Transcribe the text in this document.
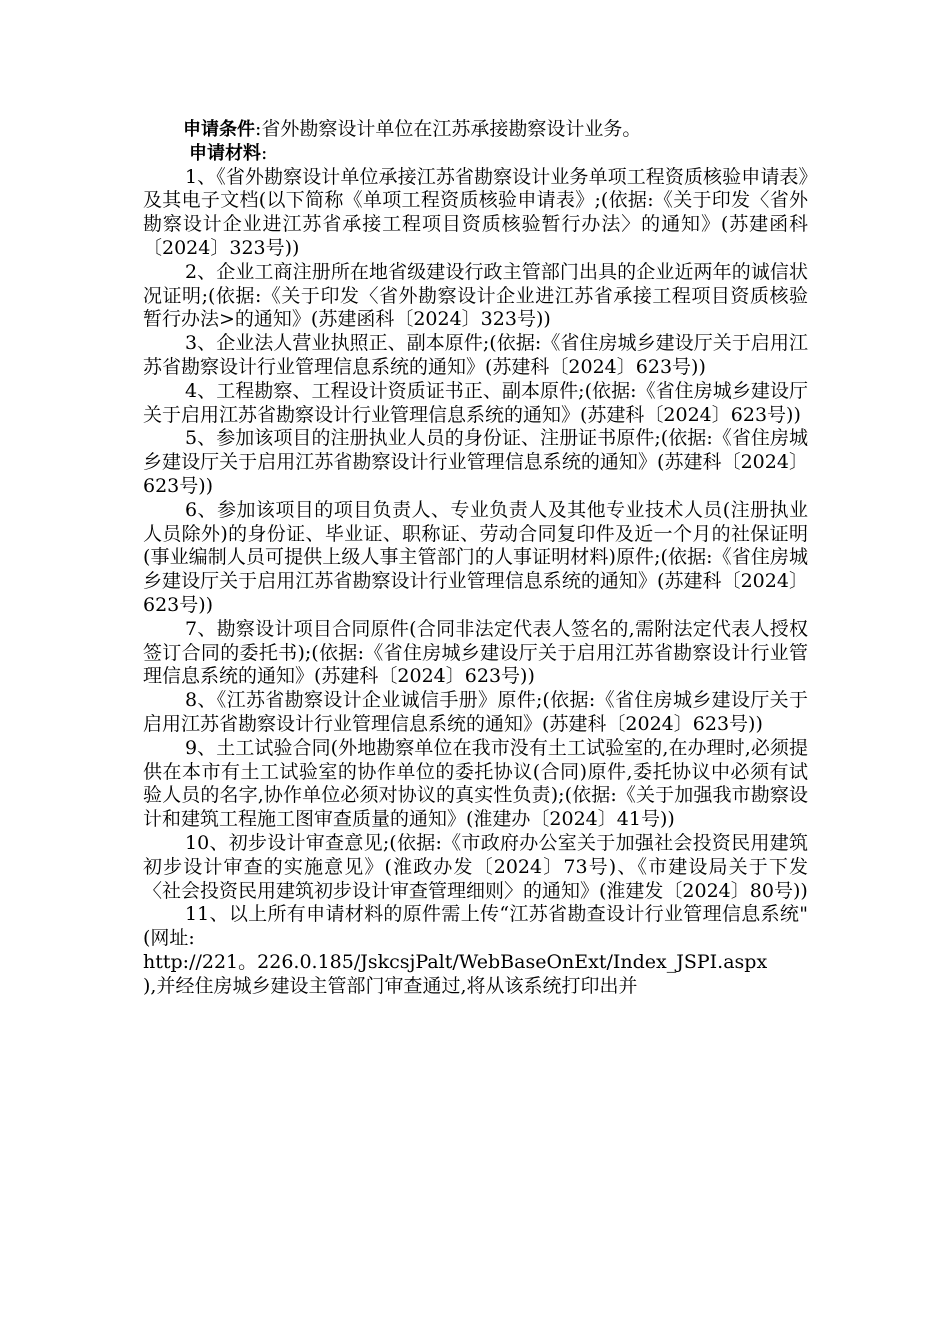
申请条件:省外勘察设计单位在江苏承接勘察设计业务。

申请材料:

1、《省外勘察设计单位承接江苏省勘察设计业务单项工程资质核验申请表》及其电子文档(以下简称《单项工程资质核验申请表》;(依据:《关于印发〈省外勘察设计企业进江苏省承接工程项目资质核验暂行办法〉的通知》(苏建函科〔2024〕323号))

2、企业工商注册所在地省级建设行政主管部门出具的企业近两年的诚信状况证明;(依据:《关于印发〈省外勘察设计企业进江苏省承接工程项目资质核验暂行办法>的通知》(苏建函科〔2024〕323号))

3、企业法人营业执照正、副本原件;(依据:《省住房城乡建设厅关于启用江苏省勘察设计行业管理信息系统的通知》(苏建科〔2024〕623号))

4、工程勘察、工程设计资质证书正、副本原件;(依据:《省住房城乡建设厅关于启用江苏省勘察设计行业管理信息系统的通知》(苏建科〔2024〕623号))

5、参加该项目的注册执业人员的身份证、注册证书原件;(依据:《省住房城乡建设厅关于启用江苏省勘察设计行业管理信息系统的通知》(苏建科〔2024〕623号))

6、参加该项目的项目负责人、专业负责人及其他专业技术人员(注册执业人员除外)的身份证、毕业证、职称证、劳动合同复印件及近一个月的社保证明(事业编制人员可提供上级人事主管部门的人事证明材料)原件;(依据:《省住房城乡建设厅关于启用江苏省勘察设计行业管理信息系统的通知》(苏建科〔2024〕623号))

7、勘察设计项目合同原件(合同非法定代表人签名的,需附法定代表人授权签订合同的委托书);(依据:《省住房城乡建设厅关于启用江苏省勘察设计行业管理信息系统的通知》(苏建科〔2024〕623号))

8、《江苏省勘察设计企业诚信手册》原件;(依据:《省住房城乡建设厅关于启用江苏省勘察设计行业管理信息系统的通知》(苏建科〔2024〕623号))

9、土工试验合同(外地勘察单位在我市没有土工试验室的,在办理时,必须提供在本市有土工试验室的协作单位的委托协议(合同)原件,委托协议中必须有试验人员的名字,协作单位必须对协议的真实性负责);(依据:《关于加强我市勘察设计和建筑工程施工图审查质量的通知》(淮建办〔2024〕41号))

10、初步设计审查意见;(依据:《市政府办公室关于加强社会投资民用建筑初步设计审查的实施意见》(淮政办发〔2024〕73号)、《市建设局关于下发〈社会投资民用建筑初步设计审查管理细则〉的通知》(淮建发〔2024〕80号))

11、以上所有申请材料的原件需上传“江苏省勘查设计行业管理信息系统"(网址:
http://221。226.0.185/JskcsjPalt/WebBaseOnExt/Index_JSPI.aspx
),并经住房城乡建设主管部门审查通过,将从该系统打印出并
